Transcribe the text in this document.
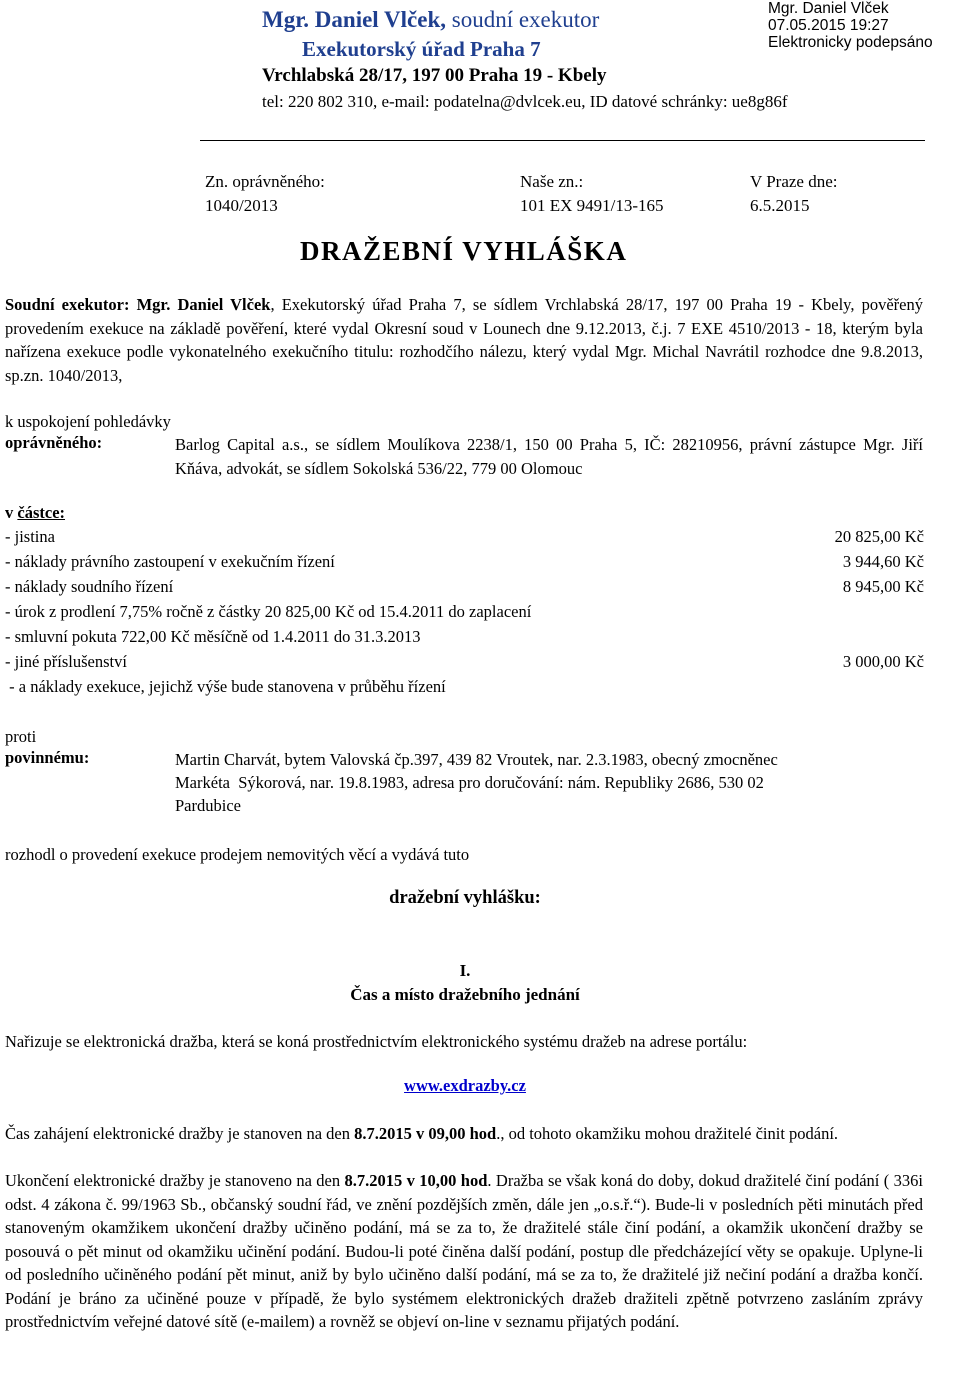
Mgr. Daniel Vlček, soudní exekutor
Exekutorský úřad Praha 7
Vrchlabská 28/17, 197 00 Praha 19 - Kbely
tel: 220 802 310, e-mail: podatelna@dvlcek.eu, ID datové schránky: ue8g86f
Mgr. Daniel Vlček
07.05.2015 19:27
Elektronicky podepsáno
Zn. oprávněného:
1040/2013
Naše zn.:
101 EX 9491/13-165
V Praze dne:
6.5.2015
DRAŽEBNÍ VYHLÁŠKA
Soudní exekutor: Mgr. Daniel Vlček, Exekutorský úřad Praha 7, se sídlem Vrchlabská 28/17, 197 00 Praha 19 - Kbely, pověřený provedením exekuce na základě pověření, které vydal Okresní soud v Lounech dne 9.12.2013, č.j. 7 EXE 4510/2013 - 18, kterým byla nařízena exekuce podle vykonatelného exekučního titulu: rozhodčího nálezu, který vydal Mgr. Michal Navrátil rozhodce dne 9.8.2013, sp.zn. 1040/2013,
k uspokojení pohledávky
oprávněného:	Barlog Capital a.s., se sídlem Moulíkova 2238/1, 150 00 Praha 5, IČ: 28210956, právní zástupce Mgr. Jiří Kňáva, advokát, se sídlem Sokolská 536/22, 779 00 Olomouc
v částce:
- jistina	20 825,00 Kč
- náklady právního zastoupení v exekučním řízení	3 944,60 Kč
- náklady soudního řízení	8 945,00 Kč
- úrok z prodlení 7,75% ročně z částky 20 825,00 Kč od 15.4.2011 do zaplacení
- smluvní pokuta 722,00 Kč měsíčně od 1.4.2011 do 31.3.2013
- jiné příslušenství	3 000,00 Kč
- a náklady exekuce, jejichž výše bude stanovena v průběhu řízení
proti
povinnému:	Martin Charvát, bytem Valovská čp.397, 439 82 Vroutek, nar. 2.3.1983, obecný zmocněnec
Markéta  Sýkorová, nar. 19.8.1983, adresa pro doručování: nám. Republiky 2686, 530 02
Pardubice
rozhodl o provedení exekuce prodejem nemovitých věcí a vydává tuto
dražební vyhlášku:
I.
Čas a místo dražebního jednání
Nařizuje se elektronická dražba, která se koná prostřednictvím elektronického systému dražeb na adrese portálu:
www.exdrazby.cz
Čas zahájení elektronické dražby je stanoven na den 8.7.2015 v 09,00 hod., od tohoto okamžiku mohou dražitelé činit podání.
Ukončení elektronické dražby je stanoveno na den 8.7.2015 v 10,00 hod. Dražba se však koná do doby, dokud dražitelé činí podání ( 336i odst. 4 zákona č. 99/1963 Sb., občanský soudní řád, ve znění pozdějších změn, dále jen „o.s.ř.“). Bude-li v posledních pěti minutách před stanoveným okamžikem ukončení dražby učiněno podání, má se za to, že dražitelé stále činí podání, a okamžik ukončení dražby se posouvá o pět minut od okamžiku učinění podání. Budou-li poté činěna další podání, postup dle předcházející věty se opakuje. Uplyne-li od posledního učiněného podání pět minut, aniž by bylo učiněno další podání, má se za to, že dražitelé již nečiní podání a dražba končí. Podání je bráno za učiněné pouze v případě, že bylo systémem elektronických dražeb dražiteli zpětně potvrzeno zasláním zprávy prostřednictvím veřejné datové sítě (e-mailem) a rovněž se objeví on-line v seznamu přijatých podání.
